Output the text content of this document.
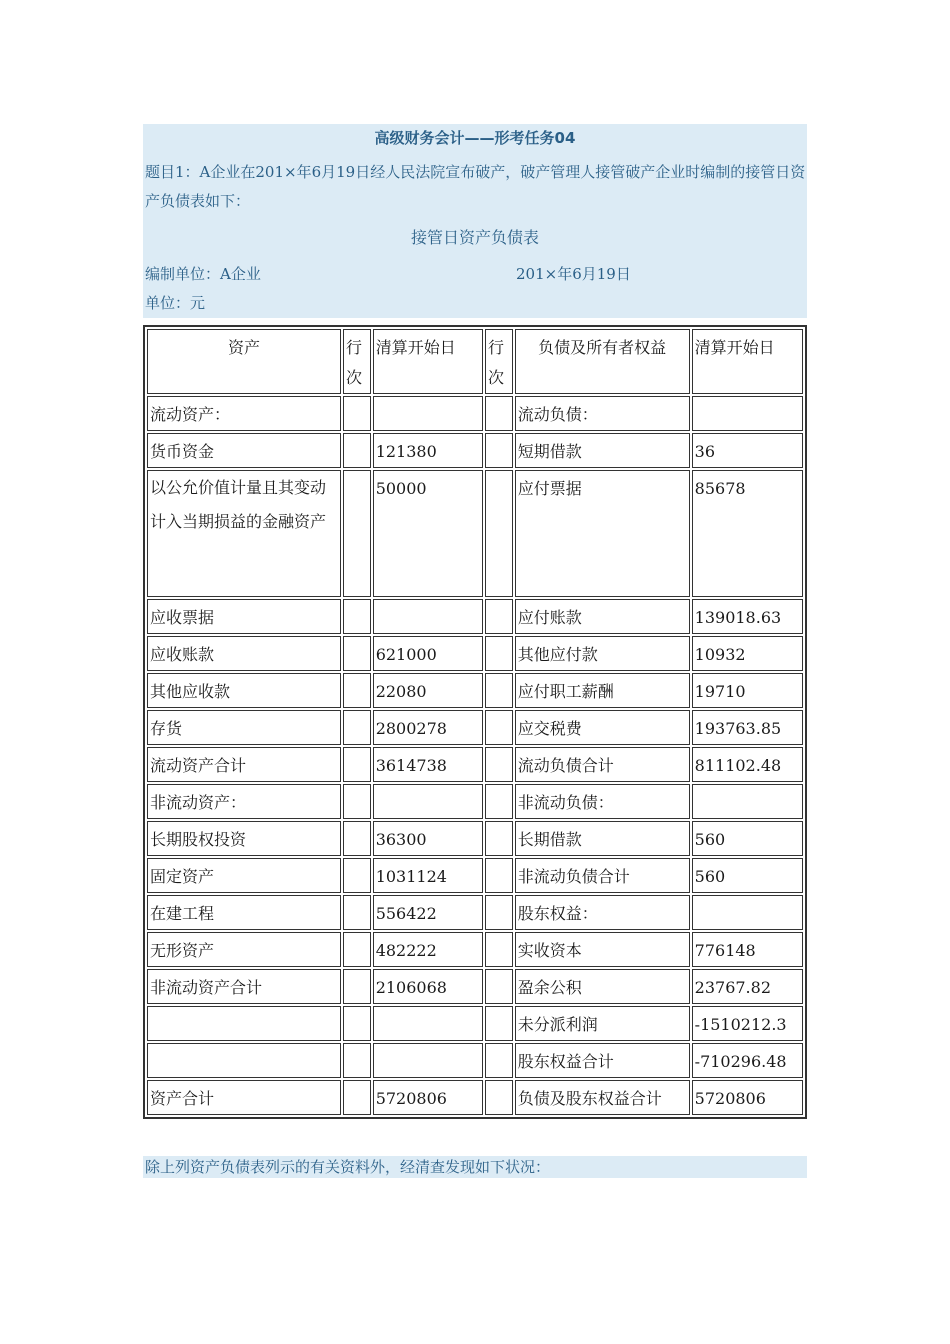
高级财务会计——形考任务04
题目1：A企业在201×年6月19日经人民法院宣布破产，破产管理人接管破产企业时编制的接管日资产负债表如下：
接管日资产负债表
编制单位：A企业	201×年6月19日
单位：元
资产	行次	清算开始日	行次	负债及所有者权益	清算开始日
流动资产：				流动负债：	
货币资金		121380		短期借款	36

以公允价值计量且其变动
计入当期损益的金融资产		50000		应付票据	85678
应收票据				应付账款	139018.63
应收账款		621000		其他应付款	10932
其他应收款		22080		应付职工薪酬	19710
存货		2800278		应交税费	193763.85
流动资产合计		3614738		流动负债合计	811102.48
非流动资产：				非流动负债：	
长期股权投资		36300		长期借款	560
固定资产		1031124		非流动负债合计	560
在建工程		556422		股东权益：	
无形资产		482222		实收资本	776148
非流动资产合计		2106068		盈余公积	23767.82
				未分派利润	-1510212.3
				股东权益合计	-710296.48
资产合计		5720806		负债及股东权益合计	5720806
除上列资产负债表列示的有关资料外，经清查发现如下状况：
